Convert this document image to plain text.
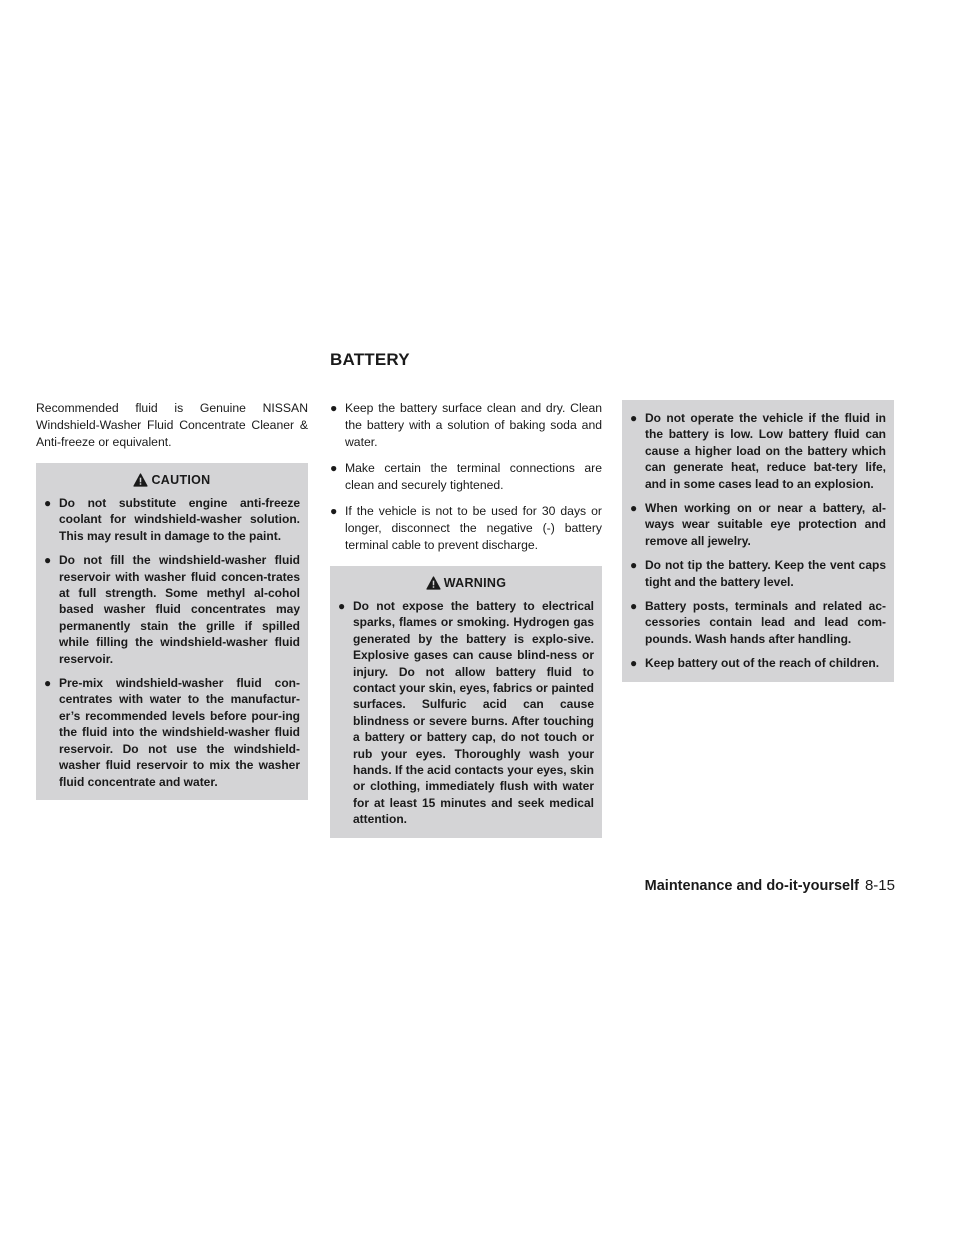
BATTERY

Recommended fluid is Genuine NISSAN Windshield-Washer Fluid Concentrate Cleaner & Anti-freeze or equivalent.

CAUTION
● Do not substitute engine anti-freeze coolant for windshield-washer solution. This may result in damage to the paint.
● Do not fill the windshield-washer fluid reservoir with washer fluid concen-trates at full strength. Some methyl al-cohol based washer fluid concentrates may permanently stain the grille if spilled while filling the windshield-washer fluid reservoir.
● Pre-mix windshield-washer fluid con-centrates with water to the manufactur-er’s recommended levels before pour-ing the fluid into the windshield-washer fluid reservoir. Do not use the windshield-washer fluid reservoir to mix the washer fluid concentrate and water.
● Keep the battery surface clean and dry. Clean the battery with a solution of baking soda and water.
● Make certain the terminal connections are clean and securely tightened.
● If the vehicle is not to be used for 30 days or longer, disconnect the negative (-) battery terminal cable to prevent discharge.
WARNING
● Do not expose the battery to electrical sparks, flames or smoking. Hydrogen gas generated by the battery is explo-sive. Explosive gases can cause blind-ness or injury. Do not allow battery fluid to contact your skin, eyes, fabrics or painted surfaces. Sulfuric acid can cause blindness or severe burns. After touching a battery or battery cap, do not touch or rub your eyes. Thoroughly wash your hands. If the acid contacts your eyes, skin or clothing, immediately flush with water for at least 15 minutes and seek medical attention.
● Do not operate the vehicle if the fluid in the battery is low. Low battery fluid can cause a higher load on the battery which can generate heat, reduce bat-tery life, and in some cases lead to an explosion.
● When working on or near a battery, al-ways wear suitable eye protection and remove all jewelry.
● Do not tip the battery. Keep the vent caps tight and the battery level.
● Battery posts, terminals and related ac-cessories contain lead and lead com-pounds. Wash hands after handling.
● Keep battery out of the reach of children.
Maintenance and do-it-yourself 8-15
